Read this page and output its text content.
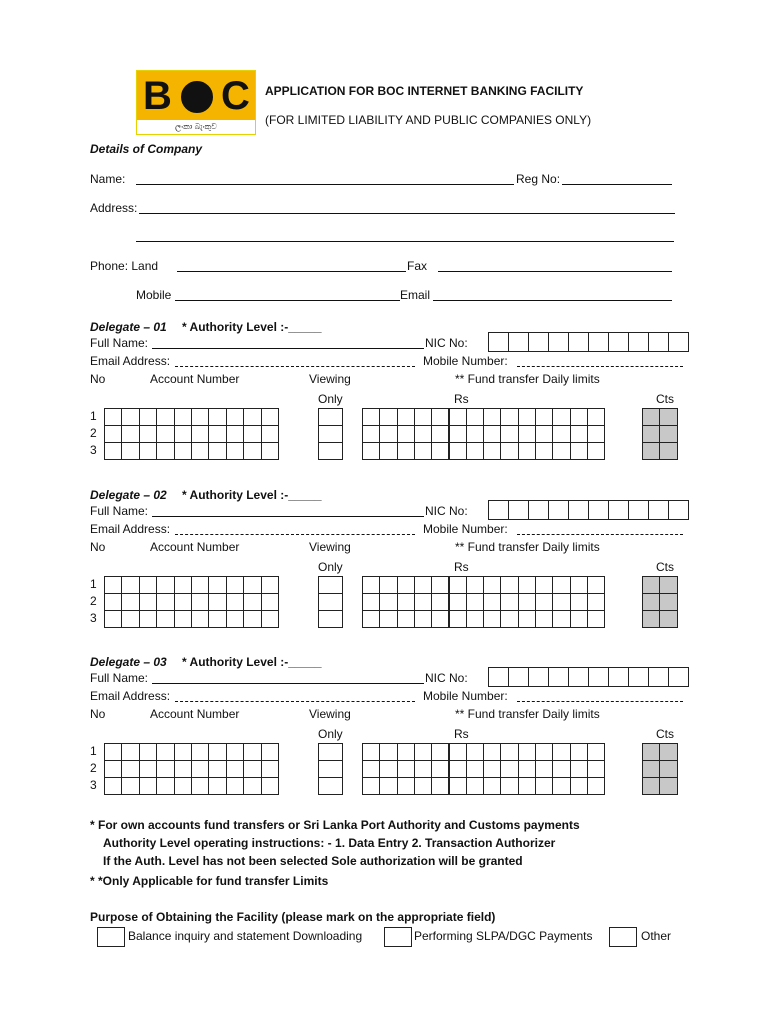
B C
ලංකා බැංකුව
APPLICATION FOR BOC INTERNET BANKING FACILITY
(FOR LIMITED LIABILITY AND PUBLIC COMPANIES ONLY)
Details of Company
Name:	Reg No:
Address:
Phone: Land	Fax
Mobile	Email
Delegate – 01 * Authority Level :-_____
Full Name:	NIC No:
Email Address:	Mobile Number:
No	Account Number	Viewing	** Fund transfer Daily limits
Only	Rs	Cts
1
2
3
Delegate – 02 * Authority Level :-_____
Full Name:	NIC No:
Email Address:	Mobile Number:
No	Account Number	Viewing	** Fund transfer Daily limits
Only	Rs	Cts
1
2
3
Delegate – 03 * Authority Level :-_____
Full Name:	NIC No:
Email Address:	Mobile Number:
No	Account Number	Viewing	** Fund transfer Daily limits
Only	Rs	Cts
1
2
3
* For own accounts fund transfers or Sri Lanka Port Authority and Customs payments
Authority Level operating instructions: - 1. Data Entry 2. Transaction Authorizer
If the Auth. Level has not been selected Sole authorization will be granted
* *Only Applicable for fund transfer Limits
Purpose of Obtaining the Facility (please mark on the appropriate field)
Balance inquiry and statement Downloading	Performing SLPA/DGC Payments	Other
